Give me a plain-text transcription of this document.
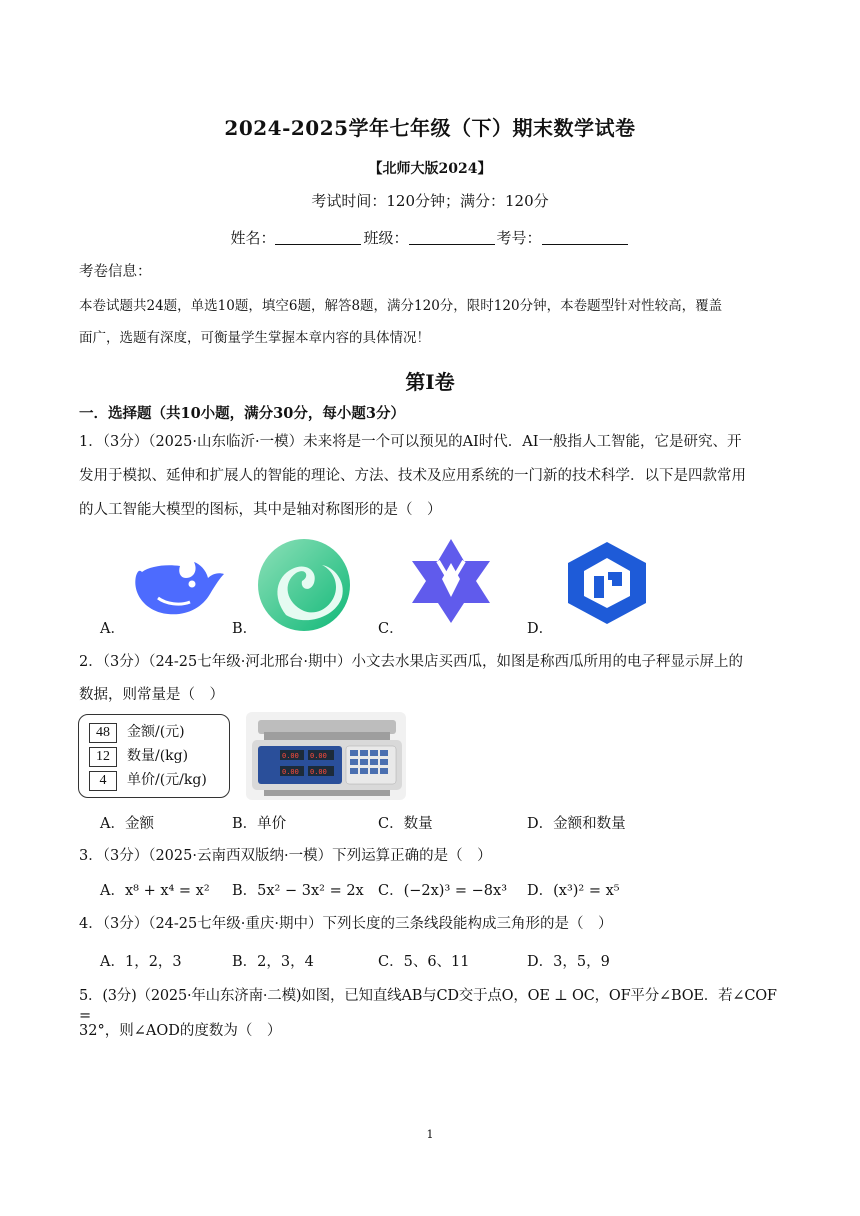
2024-2025学年七年级（下）期末数学试卷
【北师大版2024】
考试时间：120分钟；满分：120分
姓名：	班级：	考号：
考卷信息：
本卷试题共24题，单选10题，填空6题，解答8题，满分120分，限时120分钟，本卷题型针对性较高，覆盖
面广，选题有深度，可衡量学生掌握本章内容的具体情况！
第Ⅰ卷
一．选择题（共10小题，满分30分，每小题3分）
1．（3分）（2025·山东临沂·一模）未来将是一个可以预见的AI时代．AI一般指人工智能，它是研究、开
发用于模拟、延伸和扩展人的智能的理论、方法、技术及应用系统的一门新的技术科学．以下是四款常用
的人工智能大模型的图标，其中是轴对称图形的是（　）
A．	B．	C．	D．
2．（3分）（24-25七年级·河北邢台·期中）小文去水果店买西瓜，如图是称西瓜所用的电子秤显示屏上的
数据，则常量是（　）
48 金额/(元)
12 数量/(kg)
4 单价/(元/kg)
0.00 0.00
0.00 0.00
A．金额	B．单价	C．数量	D．金额和数量
3．（3分）（2025·云南西双版纳·一模）下列运算正确的是（　）
A．x⁸ + x⁴ = x² B．5x² − 3x² = 2x C．(−2x)³ = −8x³ D．(x³)² = x⁵
4．（3分）（24-25七年级·重庆·期中）下列长度的三条线段能构成三角形的是（　）
A．1，2，3	B．2，3，4	C．5、6、11	D．3，5，9
5．(3分)（2025·年山东济南·二模)如图，已知直线AB与CD交于点O，OE ⊥ OC，OF平分∠BOE．若∠COF =
32°，则∠AOD的度数为（　）
1
